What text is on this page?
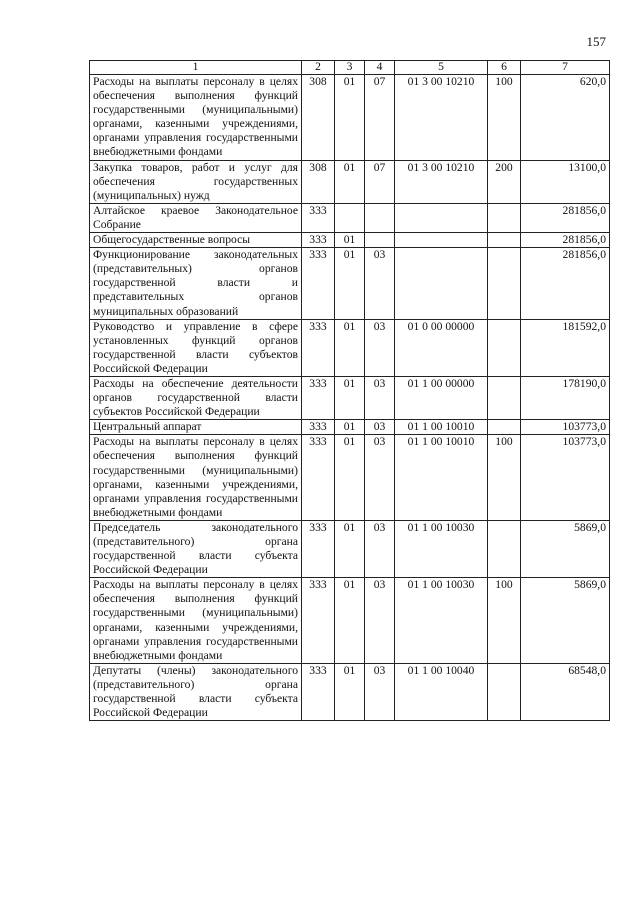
157
1	2	3	4	5	6	7
Расходы на выплаты персоналу в целях обеспечения выполнения функций государственными (муниципальными) органами, казенными учреждениями, органами управления государственными внебюджетными фондами	308	01	07	01 3 00 10210	100	620,0
Закупка товаров, работ и услуг для обеспечения государственных (муниципальных) нужд	308	01	07	01 3 00 10210	200	13100,0
Алтайское краевое Законодательное Собрание	333					281856,0
Общегосударственные вопросы	333	01				281856,0
Функционирование законодательных (представительных) органов государственной власти и представительных органов муниципальных образований	333	01	03			281856,0
Руководство и управление в сфере установленных функций органов государственной власти субъектов Российской Федерации	333	01	03	01 0 00 00000		181592,0
Расходы на обеспечение деятельности органов государственной власти субъектов Российской Федерации	333	01	03	01 1 00 00000		178190,0
Центральный аппарат	333	01	03	01 1 00 10010		103773,0
Расходы на выплаты персоналу в целях обеспечения выполнения функций государственными (муниципальными) органами, казенными учреждениями, органами управления государственными внебюджетными фондами	333	01	03	01 1 00 10010	100	103773,0
Председатель законодательного (представительного) органа государственной власти субъекта Российской Федерации	333	01	03	01 1 00 10030		5869,0
Расходы на выплаты персоналу в целях обеспечения выполнения функций государственными (муниципальными) органами, казенными учреждениями, органами управления государственными внебюджетными фондами	333	01	03	01 1 00 10030	100	5869,0
Депутаты (члены) законодательного (представительного) органа государственной власти субъекта Российской Федерации	333	01	03	01 1 00 10040		68548,0
